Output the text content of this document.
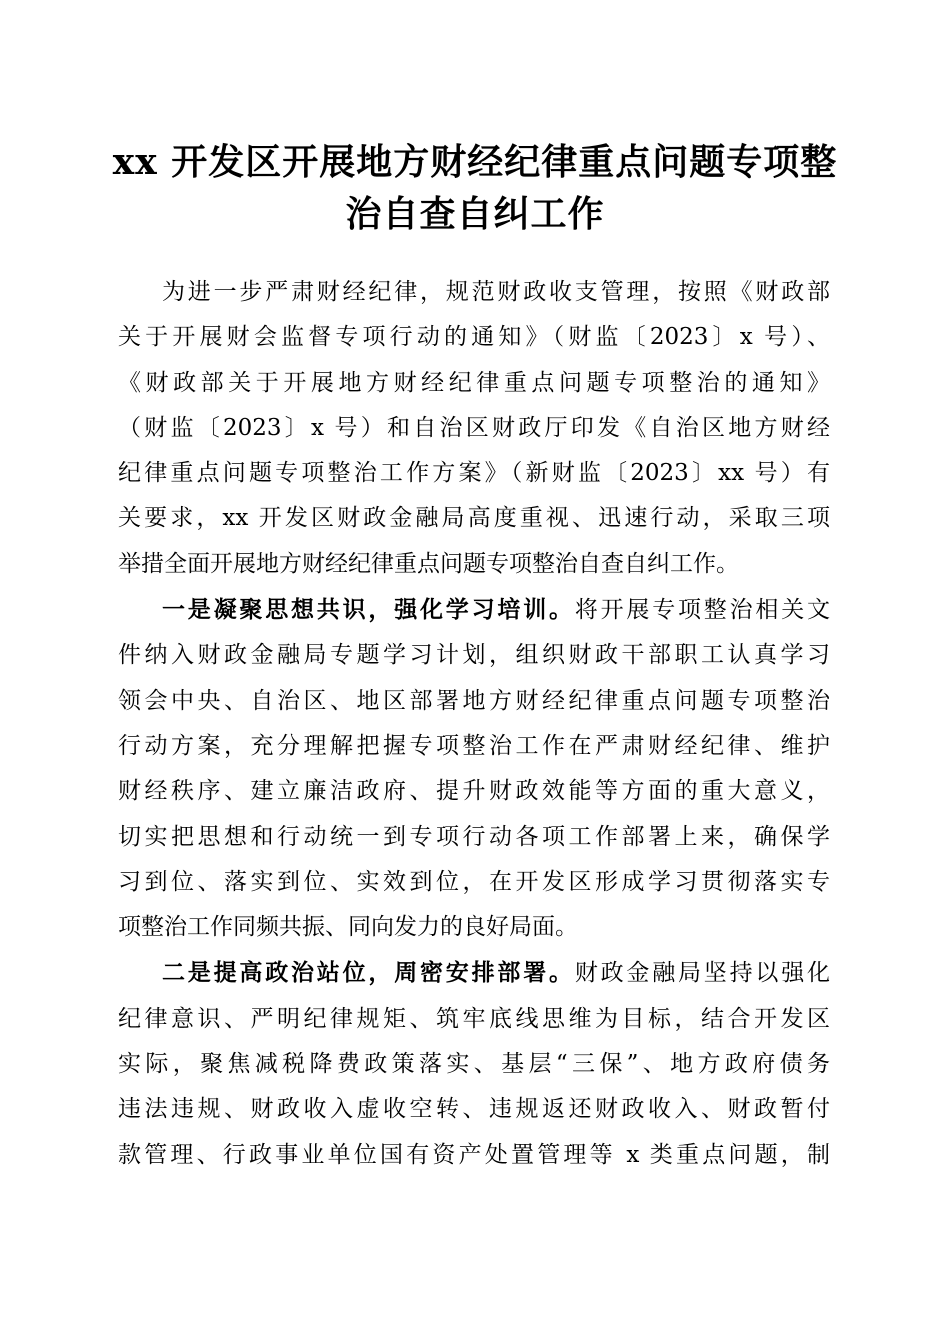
xx 开发区开展地方财经纪律重点问题专项整
治自查自纠工作
为进一步严肃财经纪律，规范财政收支管理，按照《财政部
关于开展财会监督专项行动的通知》（财监〔2023〕x 号）、
《财政部关于开展地方财经纪律重点问题专项整治的通知》
（财监〔2023〕x 号）和自治区财政厅印发《自治区地方财经
纪律重点问题专项整治工作方案》（新财监〔2023〕xx 号）有
关要求，xx 开发区财政金融局高度重视、迅速行动，采取三项
举措全面开展地方财经纪律重点问题专项整治自查自纠工作。
一是凝聚思想共识，强化学习培训。将开展专项整治相关文
件纳入财政金融局专题学习计划，组织财政干部职工认真学习
领会中央、自治区、地区部署地方财经纪律重点问题专项整治
行动方案，充分理解把握专项整治工作在严肃财经纪律、维护
财经秩序、建立廉洁政府、提升财政效能等方面的重大意义，
切实把思想和行动统一到专项行动各项工作部署上来，确保学
习到位、落实到位、实效到位，在开发区形成学习贯彻落实专
项整治工作同频共振、同向发力的良好局面。
二是提高政治站位，周密安排部署。财政金融局坚持以强化
纪律意识、严明纪律规矩、筑牢底线思维为目标，结合开发区
实际，聚焦减税降费政策落实、基层“三保”、地方政府债务
违法违规、财政收入虚收空转、违规返还财政收入、财政暂付
款管理、行政事业单位国有资产处置管理等 x 类重点问题，制
